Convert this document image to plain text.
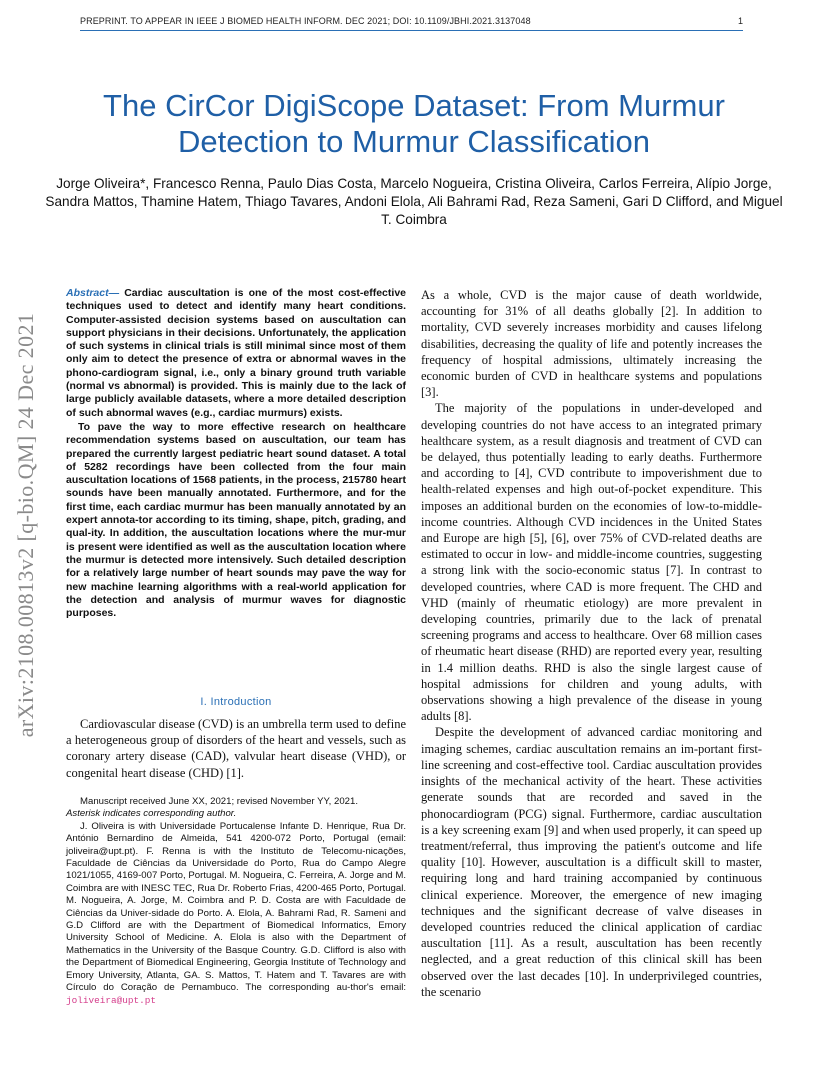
PREPRINT. TO APPEAR IN IEEE J BIOMED HEALTH INFORM. DEC 2021; DOI: 10.1109/JBHI.2021.3137048	1
arXiv:2108.00813v2 [q-bio.QM] 24 Dec 2021
The CirCor DigiScope Dataset: From Murmur Detection to Murmur Classification
Jorge Oliveira*, Francesco Renna, Paulo Dias Costa, Marcelo Nogueira, Cristina Oliveira, Carlos Ferreira, Alípio Jorge, Sandra Mattos, Thamine Hatem, Thiago Tavares, Andoni Elola, Ali Bahrami Rad, Reza Sameni, Gari D Clifford, and Miguel T. Coimbra

Abstract— Cardiac auscultation is one of the most cost-effective techniques used to detect and identify many heart conditions. Computer-assisted decision systems based on auscultation can support physicians in their decisions. Unfortunately, the application of such systems in clinical trials is still minimal since most of them only aim to detect the presence of extra or abnormal waves in the phono-cardiogram signal, i.e., only a binary ground truth variable (normal vs abnormal) is provided. This is mainly due to the lack of large publicly available datasets, where a more detailed description of such abnormal waves (e.g., cardiac murmurs) exists.

To pave the way to more effective research on healthcare recommendation systems based on auscultation, our team has prepared the currently largest pediatric heart sound dataset. A total of 5282 recordings have been collected from the four main auscultation locations of 1568 patients, in the process, 215780 heart sounds have been manually annotated. Furthermore, and for the first time, each cardiac murmur has been manually annotated by an expert annota-tor according to its timing, shape, pitch, grading, and qual-ity. In addition, the auscultation locations where the mur-mur is present were identified as well as the auscultation location where the murmur is detected more intensively. Such detailed description for a relatively large number of heart sounds may pave the way for new machine learning algorithms with a real-world application for the detection and analysis of murmur waves for diagnostic purposes.

I. Introduction

Cardiovascular disease (CVD) is an umbrella term used to define a heterogeneous group of disorders of the heart and vessels, such as coronary artery disease (CAD), valvular heart disease (VHD), or congenital heart disease (CHD) [1].

Manuscript received June XX, 2021; revised November YY, 2021.

Asterisk indicates corresponding author.

J. Oliveira is with Universidade Portucalense Infante D. Henrique, Rua Dr. António Bernardino de Almeida, 541 4200-072 Porto, Portugal (email: joliveira@upt.pt). F. Renna is with the Instituto de Telecomu-nicações, Faculdade de Ciências da Universidade do Porto, Rua do Campo Alegre 1021/1055, 4169-007 Porto, Portugal. M. Nogueira, C. Ferreira, A. Jorge and M. Coimbra are with INESC TEC, Rua Dr. Roberto Frias, 4200-465 Porto, Portugal. M. Nogueira, A. Jorge, M. Coimbra and P. D. Costa are with Faculdade de Ciências da Univer-sidade do Porto. A. Elola, A. Bahrami Rad, R. Sameni and G.D Clifford are with the Department of Biomedical Informatics, Emory University School of Medicine. A. Elola is also with the Department of Mathematics in the University of the Basque Country. G.D. Clifford is also with the Department of Biomedical Engineering, Georgia Institute of Technology and Emory University, Atlanta, GA. S. Mattos, T. Hatem and T. Tavares are with Círculo do Coração de Pernambuco. The corresponding au-thor's email: joliveira@upt.pt

As a whole, CVD is the major cause of death worldwide, accounting for 31% of all deaths globally [2]. In addition to mortality, CVD severely increases morbidity and causes lifelong disabilities, decreasing the quality of life and potently increases the frequency of hospital admissions, ultimately increasing the economic burden of CVD in healthcare systems and populations [3].

The majority of the populations in under-developed and developing countries do not have access to an integrated primary healthcare system, as a result diagnosis and treatment of CVD can be delayed, thus potentially leading to early deaths. Furthermore and according to [4], CVD contribute to impoverishment due to health-related expenses and high out-of-pocket expenditure. This imposes an additional burden on the economies of low-to-middle-income countries. Although CVD incidences in the United States and Europe are high [5], [6], over 75% of CVD-related deaths are estimated to occur in low- and middle-income countries, suggesting a strong link with the socio-economic status [7]. In contrast to developed countries, where CAD is more frequent. The CHD and VHD (mainly of rheumatic etiology) are more prevalent in developing countries, primarily due to the lack of prenatal screening programs and access to healthcare. Over 68 million cases of rheumatic heart disease (RHD) are reported every year, resulting in 1.4 million deaths. RHD is also the single largest cause of hospital admissions for children and young adults, with observations showing a high prevalence of the disease in young adults [8].

Despite the development of advanced cardiac monitoring and imaging schemes, cardiac auscultation remains an im-portant first-line screening and cost-effective tool. Cardiac auscultation provides insights of the mechanical activity of the heart. These activities generate sounds that are recorded and saved in the phonocardiogram (PCG) signal. Furthermore, cardiac auscultation is a key screening exam [9] and when used properly, it can speed up treatment/referral, thus improving the patient's outcome and life quality [10]. However, auscultation is a difficult skill to master, requiring long and hard training accompanied by continuous clinical experience. Moreover, the emergence of new imaging techniques and the significant decrease of valve diseases in developed countries reduced the clinical application of cardiac auscultation [11]. As a result, auscultation has been recently neglected, and a great reduction of this clinical skill has been observed over the last decades [10]. In underprivileged countries, the scenario
